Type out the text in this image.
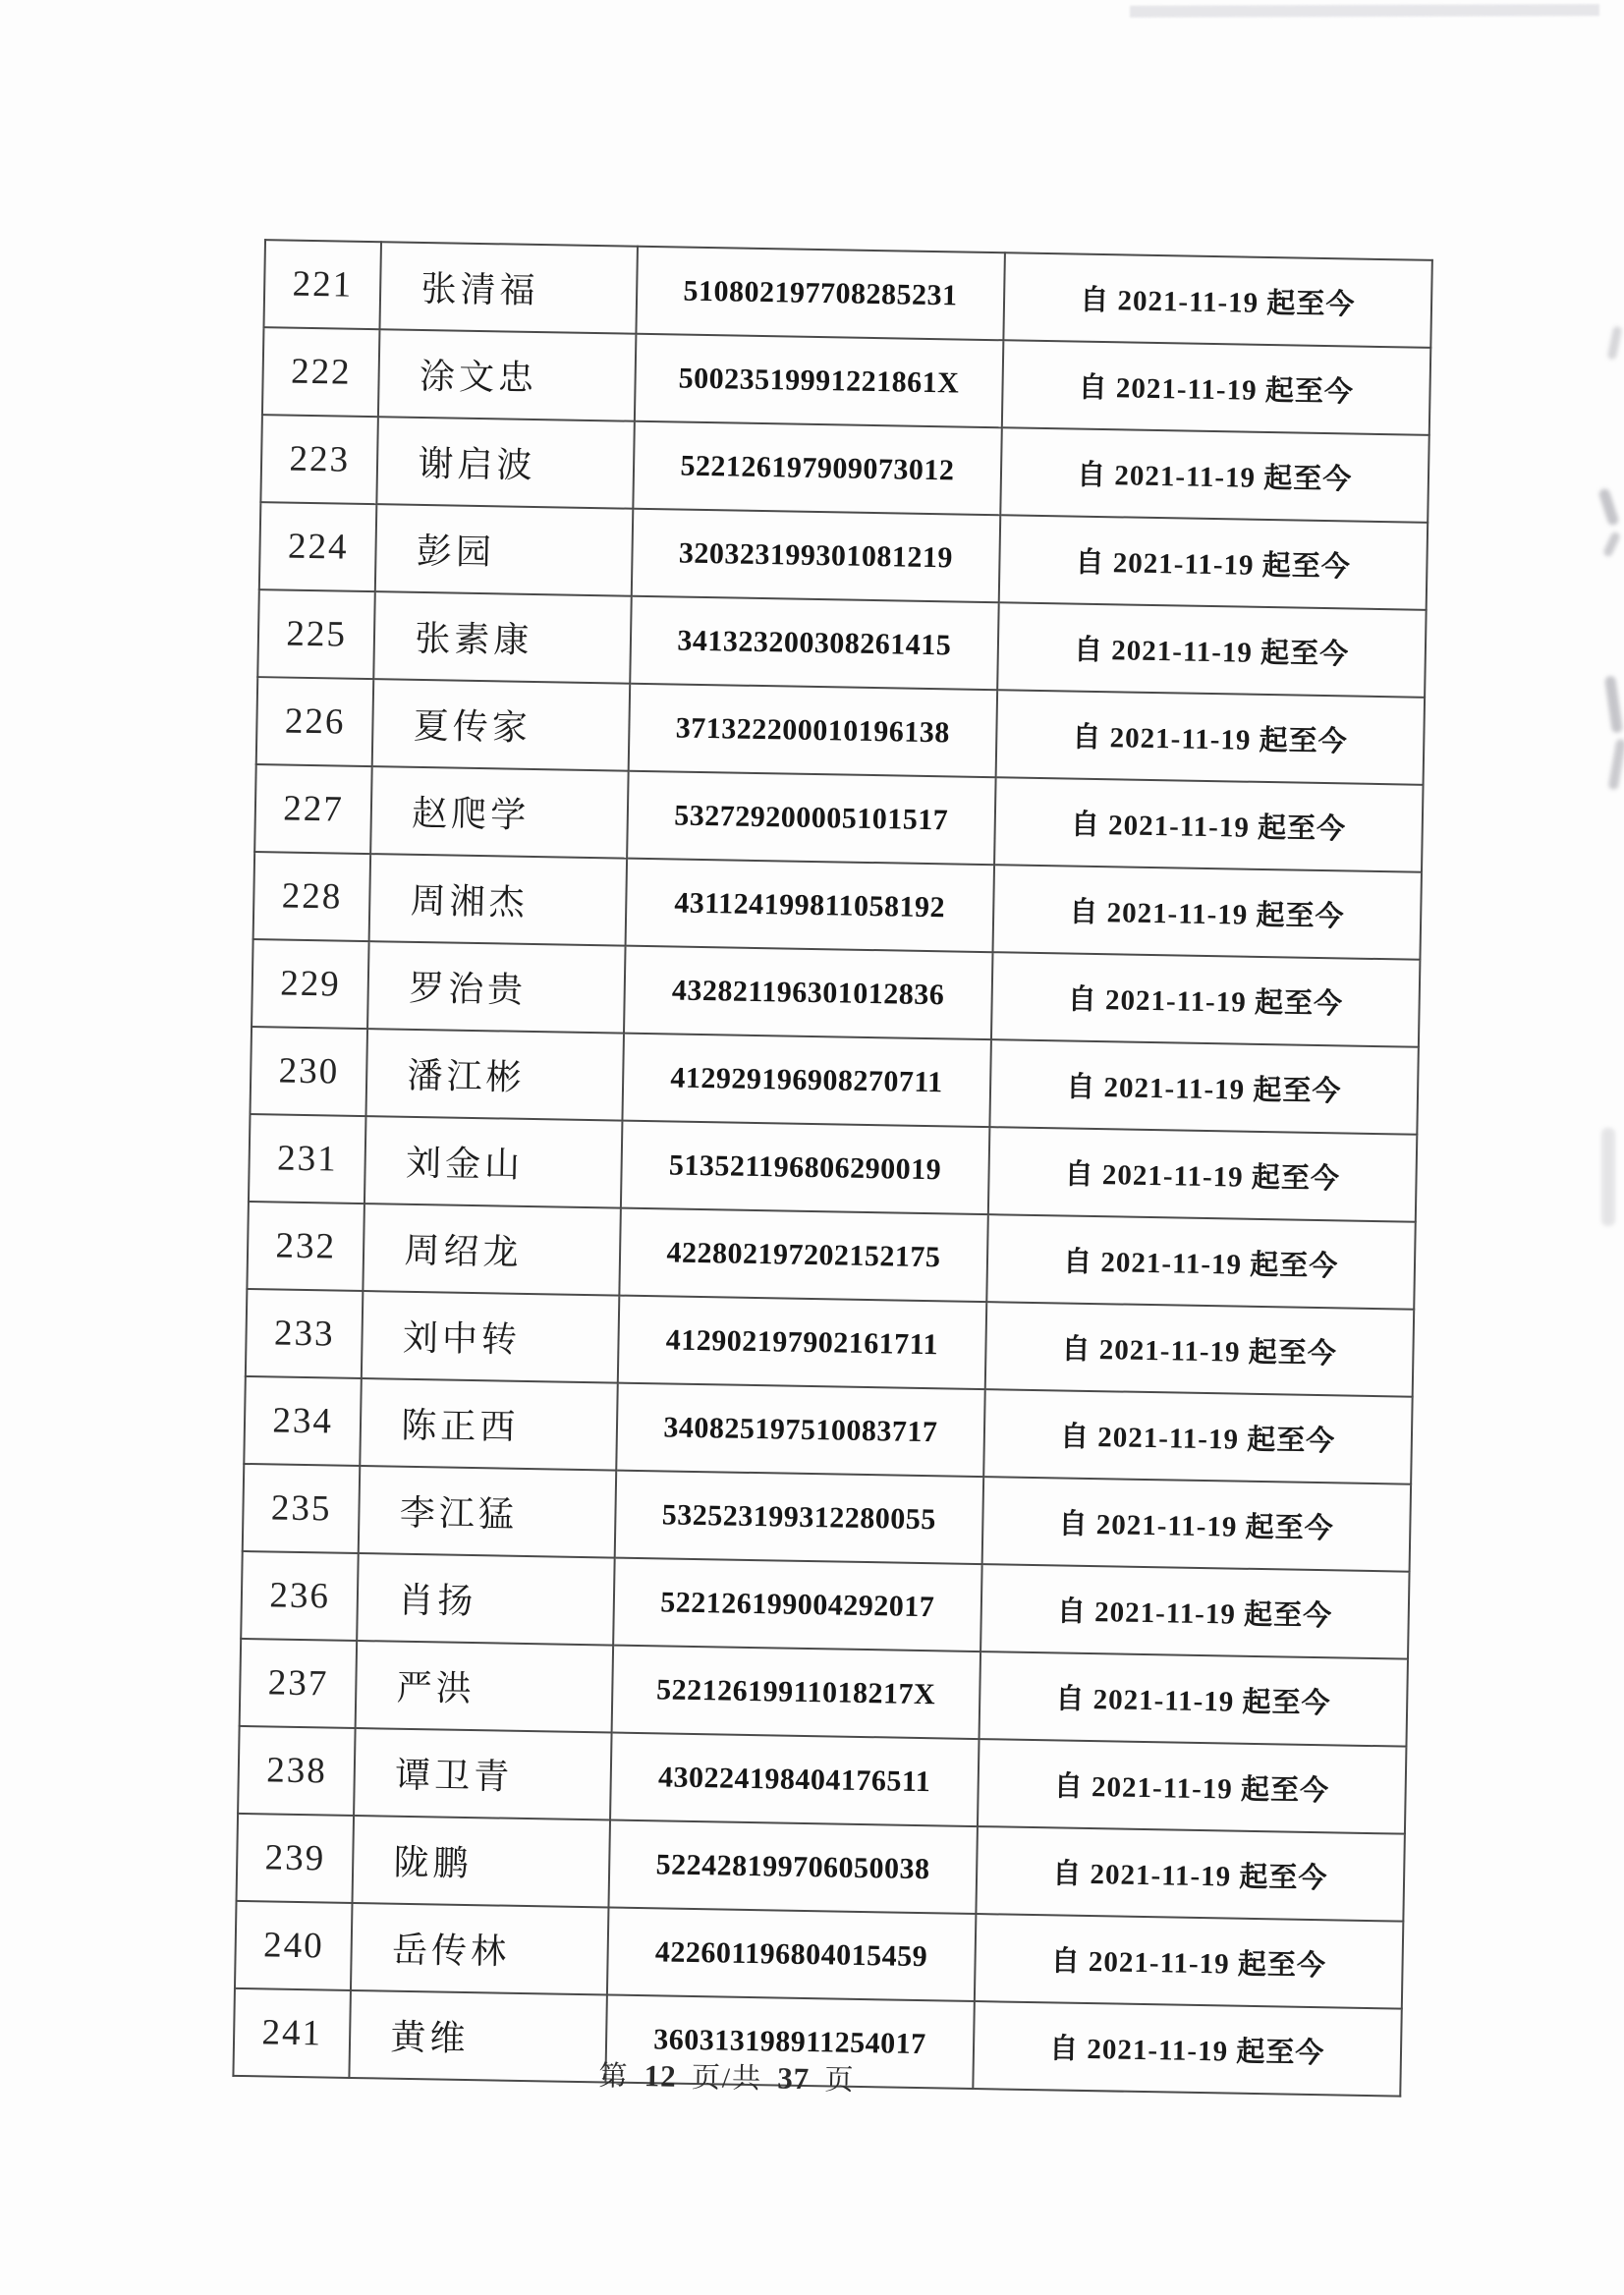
221	张清福	510802197708285231	自 2021-11-19 起至今
222	涂文忠	50023519991221861X	自 2021-11-19 起至今
223	谢启波	522126197909073012	自 2021-11-19 起至今
224	彭园	320323199301081219	自 2021-11-19 起至今
225	张素康	341323200308261415	自 2021-11-19 起至今
226	夏传家	371322200010196138	自 2021-11-19 起至今
227	赵爬学	532729200005101517	自 2021-11-19 起至今
228	周湘杰	431124199811058192	自 2021-11-19 起至今
229	罗治贵	432821196301012836	自 2021-11-19 起至今
230	潘江彬	412929196908270711	自 2021-11-19 起至今
231	刘金山	513521196806290019	自 2021-11-19 起至今
232	周绍龙	422802197202152175	自 2021-11-19 起至今
233	刘中转	412902197902161711	自 2021-11-19 起至今
234	陈正西	340825197510083717	自 2021-11-19 起至今
235	李江猛	532523199312280055	自 2021-11-19 起至今
236	肖扬	522126199004292017	自 2021-11-19 起至今
237	严洪	52212619911018217X	自 2021-11-19 起至今
238	谭卫青	430224198404176511	自 2021-11-19 起至今
239	陇鹏	522428199706050038	自 2021-11-19 起至今
240	岳传林	422601196804015459	自 2021-11-19 起至今
241	黄维	360313198911254017	自 2021-11-19 起至今
第 12 页/共 37 页
